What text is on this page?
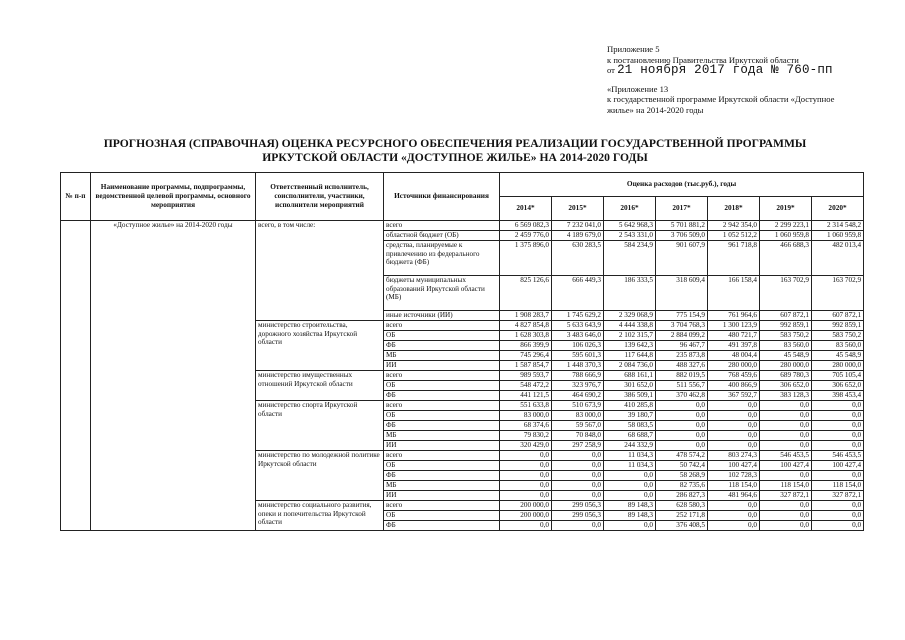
Приложение 5
к постановлению Правительства Иркутской области
от 21 ноября 2017 года № 760-пп
«Приложение 13
к государственной программе Иркутской области «Доступное
жилье» на 2014-2020 годы
ПРОГНОЗНАЯ (СПРАВОЧНАЯ) ОЦЕНКА РЕСУРСНОГО ОБЕСПЕЧЕНИЯ РЕАЛИЗАЦИИ ГОСУДАРСТВЕННОЙ ПРОГРАММЫ
ИРКУТСКОЙ ОБЛАСТИ «ДОСТУПНОЕ ЖИЛЬЕ» НА 2014-2020 ГОДЫ
№ п-п	Наименование программы, подпрограммы, ведомственной целевой программы, основного мероприятия	Ответственный исполнитель, соисполнители, участники, исполнители мероприятий	Источники финансирования	Оценка расходов (тыс.руб.), годы						
				2014*	2015*	2016*	2017*	2018*	2019*	2020*
	«Доступное жилье» на 2014-2020 годы	всего, в том числе:	всего	6 569 082,3	7 232 041,0	5 642 968,3	5 701 881,2	2 942 354,0	2 299 223,1	2 314 548,2
			областной бюджет (ОБ)	2 459 776,0	4 189 679,0	2 543 331,0	3 706 509,0	1 052 512,2	1 060 959,8	1 060 959,8
			средства, планируемые к привлечению из федерального бюджета (ФБ)	1 375 896,0	630 283,5	584 234,9	901 607,9	961 718,8	466 688,3	482 013,4
			бюджеты муниципальных образований Иркутской области (МБ)	825 126,6	666 449,3	186 333,5	318 609,4	166 158,4	163 702,9	163 702,9
			иные источники (ИИ)	1 908 283,7	1 745 629,2	2 329 068,9	775 154,9	761 964,6	607 872,1	607 872,1
		министерство строительства, дорожного хозяйства Иркутской области	всего	4 827 854,8	5 633 643,9	4 444 338,8	3 704 768,3	1 300 123,9	992 859,1	992 859,1
			ОБ	1 628 303,8	3 483 646,0	2 102 315,7	2 884 099,2	480 721,7	583 750,2	583 750,2
			ФБ	866 399,9	106 026,3	139 642,3	96 467,7	491 397,8	83 560,0	83 560,0
			МБ	745 296,4	595 601,3	117 644,8	235 873,8	48 004,4	45 548,9	45 548,9
			ИИ	1 587 854,7	1 448 370,3	2 084 736,0	488 327,6	280 000,0	280 000,0	280 000,0
		министерство имущественных отношений Иркутской области	всего	989 593,7	788 666,9	688 161,1	882 019,5	768 459,6	689 780,3	705 105,4
			ОБ	548 472,2	323 976,7	301 652,0	511 556,7	400 866,9	306 652,0	306 652,0
			ФБ	441 121,5	464 690,2	386 509,1	370 462,8	367 592,7	383 128,3	398 453,4
		министерство спорта Иркутской области	всего	551 633,8	510 673,9	410 285,8	0,0	0,0	0,0	0,0
			ОБ	83 000,0	83 000,0	39 180,7	0,0	0,0	0,0	0,0
			ФБ	68 374,6	59 567,0	58 083,5	0,0	0,0	0,0	0,0
			МБ	79 830,2	70 848,0	68 688,7	0,0	0,0	0,0	0,0
			ИИ	320 429,0	297 258,9	244 332,9	0,0	0,0	0,0	0,0
		министерство по молодежной политике Иркутской области	всего	0,0	0,0	11 034,3	478 574,2	803 274,3	546 453,5	546 453,5
			ОБ	0,0	0,0	11 034,3	50 742,4	100 427,4	100 427,4	100 427,4
			ФБ	0,0	0,0	0,0	58 268,9	102 728,3	0,0	0,0
			МБ	0,0	0,0	0,0	82 735,6	118 154,0	118 154,0	118 154,0
			ИИ	0,0	0,0	0,0	286 827,3	481 964,6	327 872,1	327 872,1
		министерство социального развития, опеки и попечительства Иркутской области	всего	200 000,0	299 056,3	89 148,3	628 580,3	0,0	0,0	0,0
			ОБ	200 000,0	299 056,3	89 148,3	252 171,8	0,0	0,0	0,0
			ФБ	0,0	0,0	0,0	376 408,5	0,0	0,0	0,0
